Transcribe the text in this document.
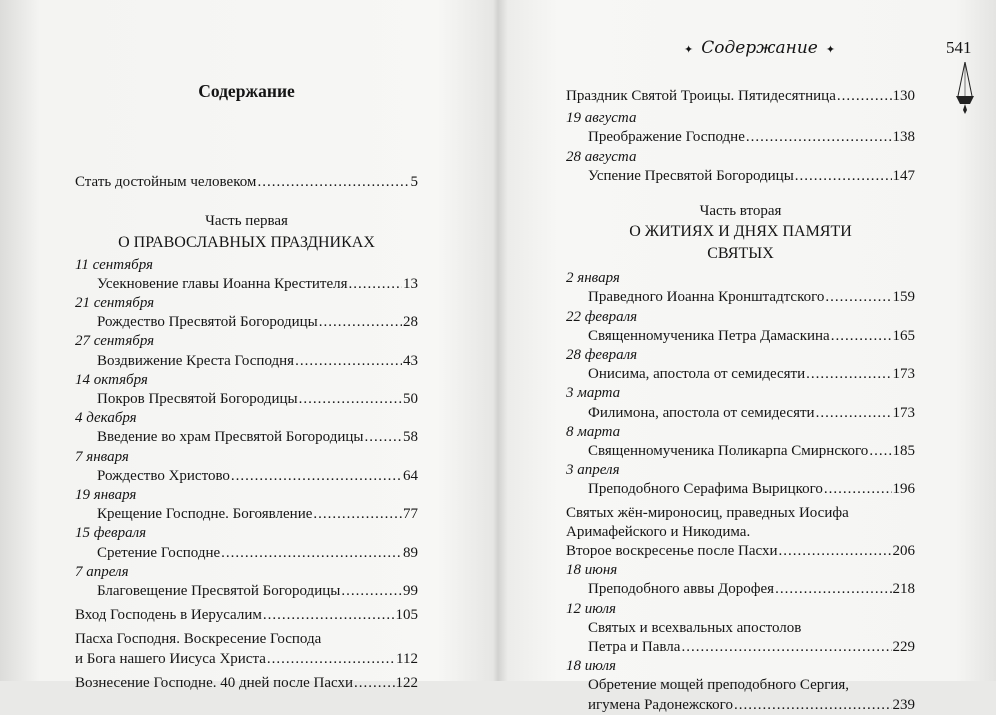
Содержание
Стать достойным человеком .....	5
Часть первая
О ПРАВОСЛАВНЫХ ПРАЗДНИКАХ
11 сентября
Усекновение главы Иоанна Крестителя .....	13
21 сентября
Рождество Пресвятой Богородицы .....	28
27 сентября
Воздвижение Креста Господня .....	43
14 октября
Покров Пресвятой Богородицы .....	50
4 декабря
Введение во храм Пресвятой Богородицы .....	58
7 января
Рождество Христово .....	64
19 января
Крещение Господне. Богоявление .....	77
15 февраля
Сретение Господне .....	89
7 апреля
Благовещение Пресвятой Богородицы .....	99
Вход Господень в Иерусалим .....	105
Пасха Господня. Воскресение Господа
и Бога нашего Иисуса Христа .....	112
Вознесение Господне. 40 дней после Пасхи .....	122
✦ Содержание ✦	541
Праздник Святой Троицы. Пятидесятница .....	130
19 августа
Преображение Господне .....	138
28 августа
Успение Пресвятой Богородицы .....	147
Часть вторая
О ЖИТИЯХ И ДНЯХ ПАМЯТИ
СВЯТЫХ
2 января
Праведного Иоанна Кронштадтского .....	159
22 февраля
Священномученика Петра Дамаскина .....	165
28 февраля
Онисима, апостола от семидесяти .....	173
3 марта
Филимона, апостола от семидесяти .....	173
8 марта
Священномученика Поликарпа Смирнского ..... 185
3 апреля
Преподобного Серафима Вырицкого .....	196
Святых жён-мироносиц, праведных Иосифа
Аримафейского и Никодима.
Второе воскресенье после Пасхи .....	206
18 июня
Преподобного аввы Дорофея .....	218
12 июля
Святых и всехвальных апостолов
Петра и Павла .....	229
18 июля
Обретение мощей преподобного Сергия,
игумена Радонежского .....	239
